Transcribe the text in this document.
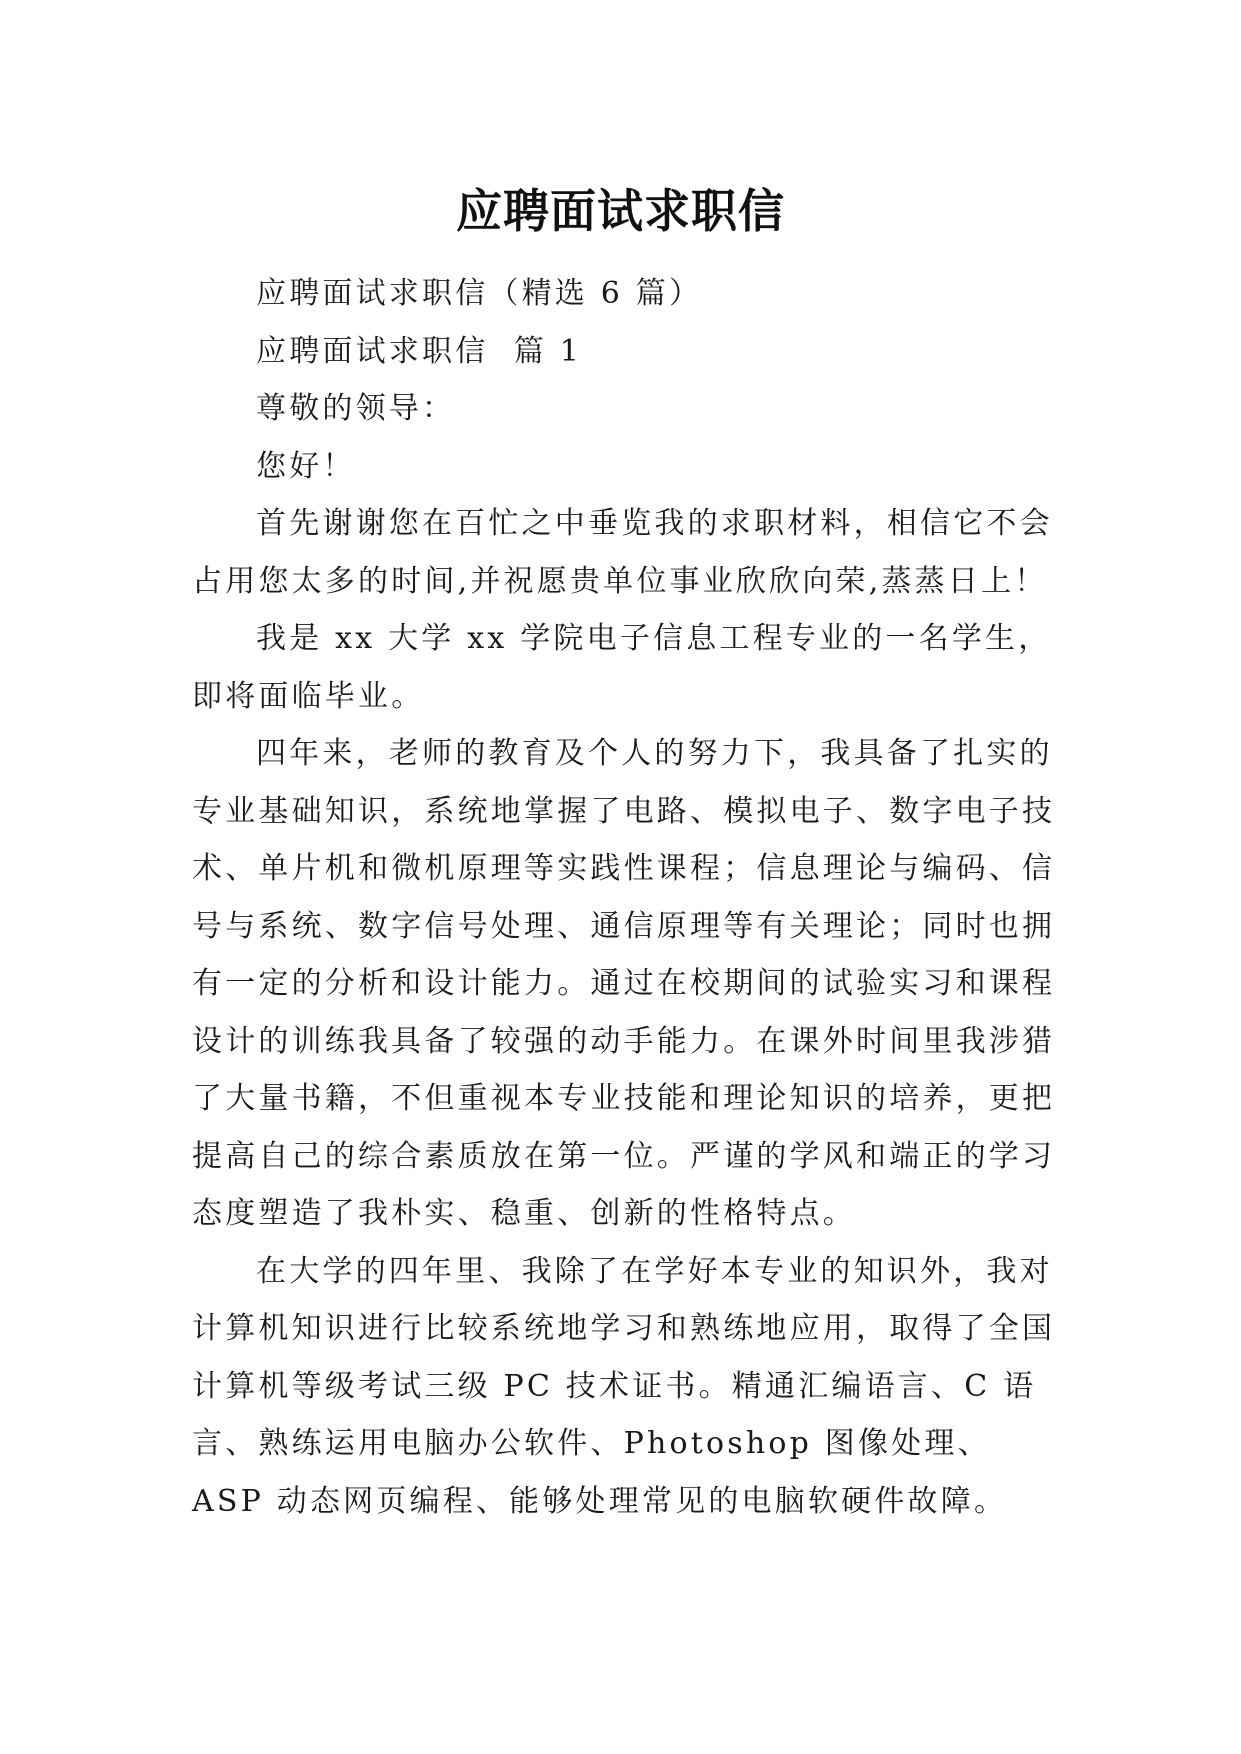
应聘面试求职信

应聘面试求职信（精选 6 篇）

应聘面试求职信  篇 1

尊敬的领导：

您好！

首先谢谢您在百忙之中垂览我的求职材料，相信它不会占用您太多的时间,并祝愿贵单位事业欣欣向荣,蒸蒸日上！

我是 xx 大学 xx 学院电子信息工程专业的一名学生，即将面临毕业。

四年来，老师的教育及个人的努力下，我具备了扎实的专业基础知识，系统地掌握了电路、模拟电子、数字电子技术、单片机和微机原理等实践性课程；信息理论与编码、信号与系统、数字信号处理、通信原理等有关理论；同时也拥有一定的分析和设计能力。通过在校期间的试验实习和课程设计的训练我具备了较强的动手能力。在课外时间里我涉猎了大量书籍，不但重视本专业技能和理论知识的培养，更把提高自己的综合素质放在第一位。严谨的学风和端正的学习态度塑造了我朴实、稳重、创新的性格特点。

在大学的四年里、我除了在学好本专业的知识外，我对计算机知识进行比较系统地学习和熟练地应用，取得了全国计算机等级考试三级 PC 技术证书。精通汇编语言、C 语言、熟练运用电脑办公软件、Photoshop 图像处理、ASP 动态网页编程、能够处理常见的电脑软硬件故障。
